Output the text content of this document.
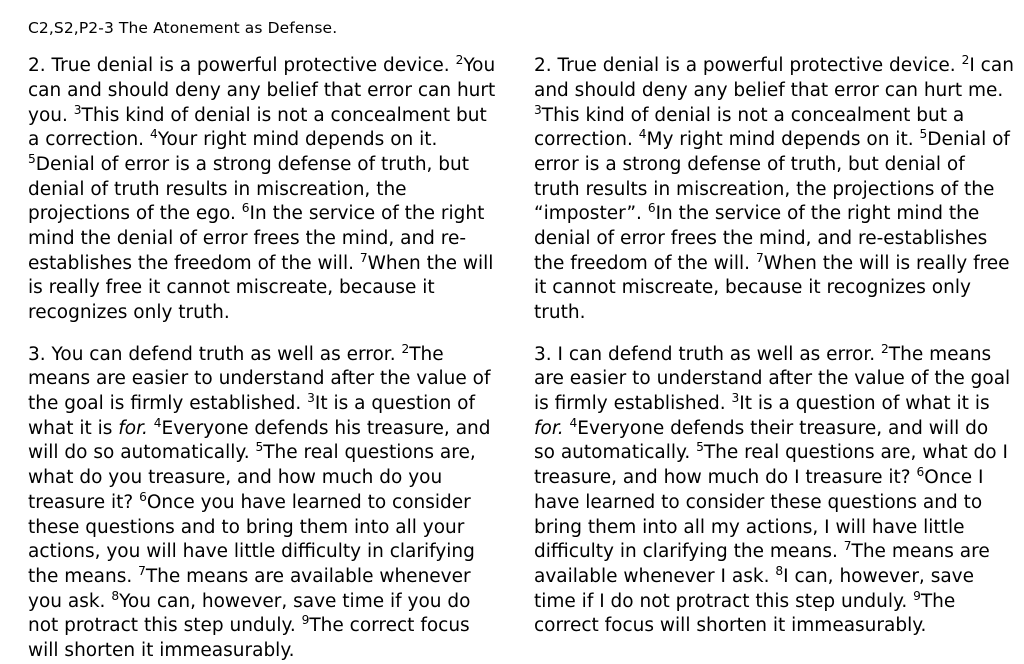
C2,S2,P2-3 The Atonement as Defense.

2. True denial is a powerful protective device. $^2$You can and should deny any belief that error can hurt you. $^3$This kind of denial is not a concealment but a correction. $^4$Your right mind depends on it. $^5$Denial of error is a strong defense of truth, but denial of truth results in miscreation, the projections of the ego. $^6$In the service of the right mind the denial of error frees the mind, and re-establishes the freedom of the will. $^7$When the will is really free it cannot miscreate, because it recognizes only truth.

3. You can defend truth as well as error. $^2$The means are easier to understand after the value of the goal is firmly established. $^3$It is a question of what it is for. $^4$Everyone defends his treasure, and will do so automatically. $^5$The real questions are, what do you treasure, and how much do you treasure it? $^6$Once you have learned to consider these questions and to bring them into all your actions, you will have little difficulty in clarifying the means. $^7$The means are available whenever you ask. $^8$You can, however, save time if you do not protract this step unduly. $^9$The correct focus will shorten it immeasurably.

2. True denial is a powerful protective device. $^2$I can and should deny any belief that error can hurt me. $^3$This kind of denial is not a concealment but a correction. $^4$My right mind depends on it. $^5$Denial of error is a strong defense of truth, but denial of truth results in miscreation, the projections of the “imposter”. $^6$In the service of the right mind the denial of error frees the mind, and re-establishes the freedom of the will. $^7$When the will is really free it cannot miscreate, because it recognizes only truth.

3. I can defend truth as well as error. $^2$The means are easier to understand after the value of the goal is firmly established. $^3$It is a question of what it is for. $^4$Everyone defends their treasure, and will do so automatically. $^5$The real questions are, what do I treasure, and how much do I treasure it? $^6$Once I have learned to consider these questions and to bring them into all my actions, I will have little difficulty in clarifying the means. $^7$The means are available whenever I ask. $^8$I can, however, save time if I do not protract this step unduly. $^9$The correct focus will shorten it immeasurably.
